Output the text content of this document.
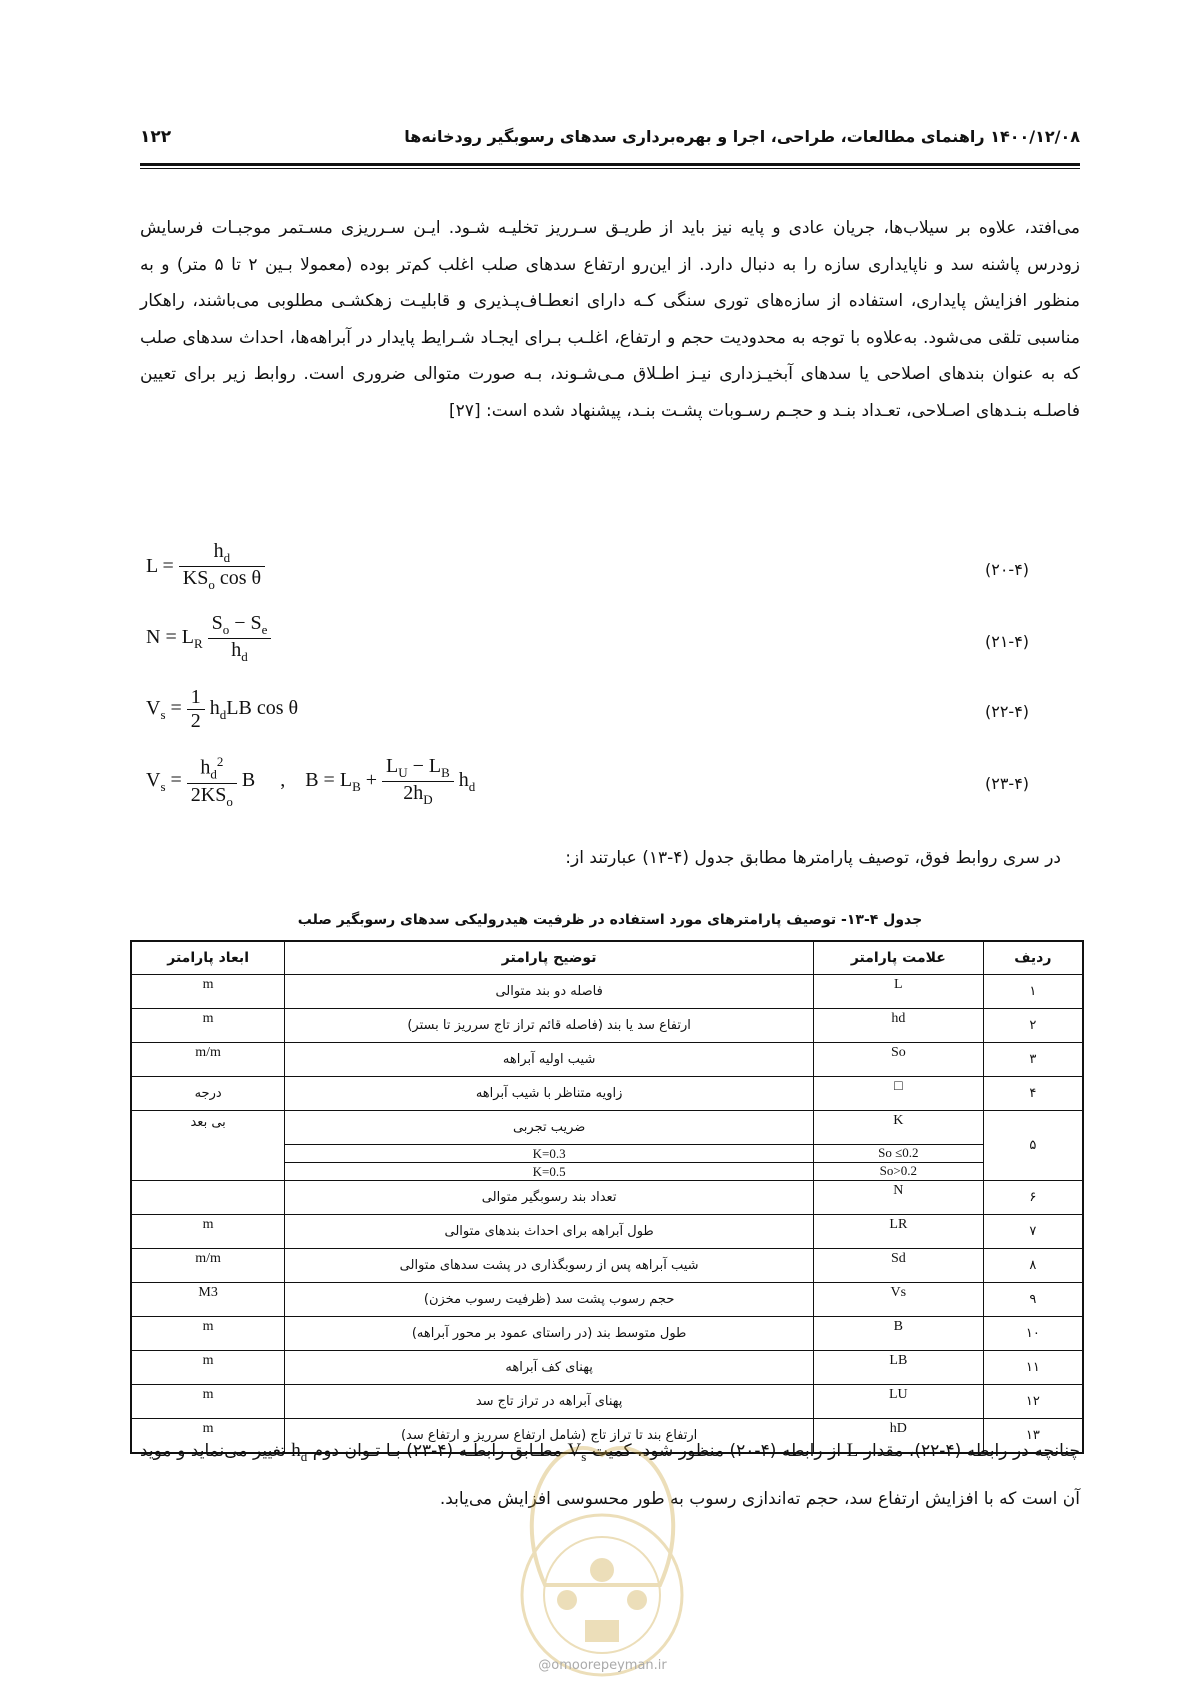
۱۴۰۰/۱۲/۰۸ راهنمای مطالعات، طراحی، اجرا و بهره‌برداری سدهای رسوبگیر رودخانه‌ها
۱۲۲
می‌افتد، علاوه بر سیلاب‌ها، جریان عادی و پایه نیز باید از طریـق سـرریز تخلیـه شـود. ایـن سـرریزی مسـتمر موجبـات فرسایش زودرس پاشنه سد و ناپایداری سازه را به دنبال دارد. از این‌رو ارتفاع سدهای صلب اغلب کم‌تر بوده (معمولا بـین ۲ تا ۵ متر) و به منظور افزایش پایداری، استفاده از سازه‌های توری سنگی کـه دارای انعطـاف‌پـذیری و قابلیـت زهکشـی مطلوبی می‌باشند، راهکار مناسبی تلقی می‌شود. به‌علاوه با توجه به محدودیت حجم و ارتفاع، اغلـب بـرای ایجـاد شـرایط پایدار در آبراهه‌ها، احداث سدهای صلب که به عنوان بندهای اصلاحی یا سدهای آبخیـزداری نیـز اطـلاق مـی‌شـوند، بـه صورت متوالی ضروری است. روابط زیر برای تعیین فاصلـه بنـدهای اصـلاحی، تعـداد بنـد و حجـم رسـوبات پشـت بنـد، پیشنهاد شده است: [۲۷]
$L = \frac{h_d}{KS_o \cos \theta}$	(۲۰-۴)
$N = L_R \frac{S_o - S_e}{h_d}$	(۲۱-۴)
$V_s = \frac{1}{2} h_dLB$ cos θ	(۲۲-۴)
$V_s = \frac{h_d^2}{2KS_o}$ B     ,    $B = L_B + \frac{L_U - L_B}{2h_D} h_d$	(۲۳-۴)
در سری روابط فوق، توصیف پارامترها مطابق جدول (۴-۱۳) عبارتند از:
جدول ۴-۱۳- توصیف پارامترهای مورد استفاده در ظرفیت هیدرولیکی سدهای رسوبگیر صلب
ردیف	علامت پارامتر	توضیح پارامتر	ابعاد پارامتر
۱	L	فاصله دو بند متوالی	m
۲	hd	ارتفاع سد یا بند (فاصله قائم تراز تاج سرریز تا بستر)	m
۳	So	شیب اولیه آبراهه	m/m
۴	□	زاویه متناظر با شیب آبراهه	درجه
۵	K	ضریب تجربی	بی بعد
	So ≤0.2	K=0.3	
	So>0.2	K=0.5	
۶	N	تعداد بند رسوبگیر متوالی	
۷	LR	طول آبراهه برای احداث بندهای متوالی	m
۸	Sd	شیب آبراهه پس از رسوبگذاری در پشت سدهای متوالی	m/m
۹	Vs	حجم رسوب پشت سد (ظرفیت رسوب مخزن)	M3
۱۰	B	طول متوسط بند (در راستای عمود بر محور آبراهه)	m
۱۱	LB	پهنای کف آبراهه	m
۱۲	LU	پهنای آبراهه در تراز تاج سد	m
۱۳	hD	ارتفاع بند تا تراز تاج (شامل ارتفاع سرریز و ارتفاع سد)	m
چنانچه در رابطه (۴-۲۲)، مقدار L از رابطه (۴-۲۰) منظور شود، کمیت $V_s$ مطـابق رابطـه (۴-۲۳) بـا تـوان دوم $h_d$ تغییر می‌نماید و موید آن است که با افزایش ارتفاع سد، حجم ته‌اندازی رسوب به طور محسوسی افزایش می‌یابد.
@omoorepeyman.ir
